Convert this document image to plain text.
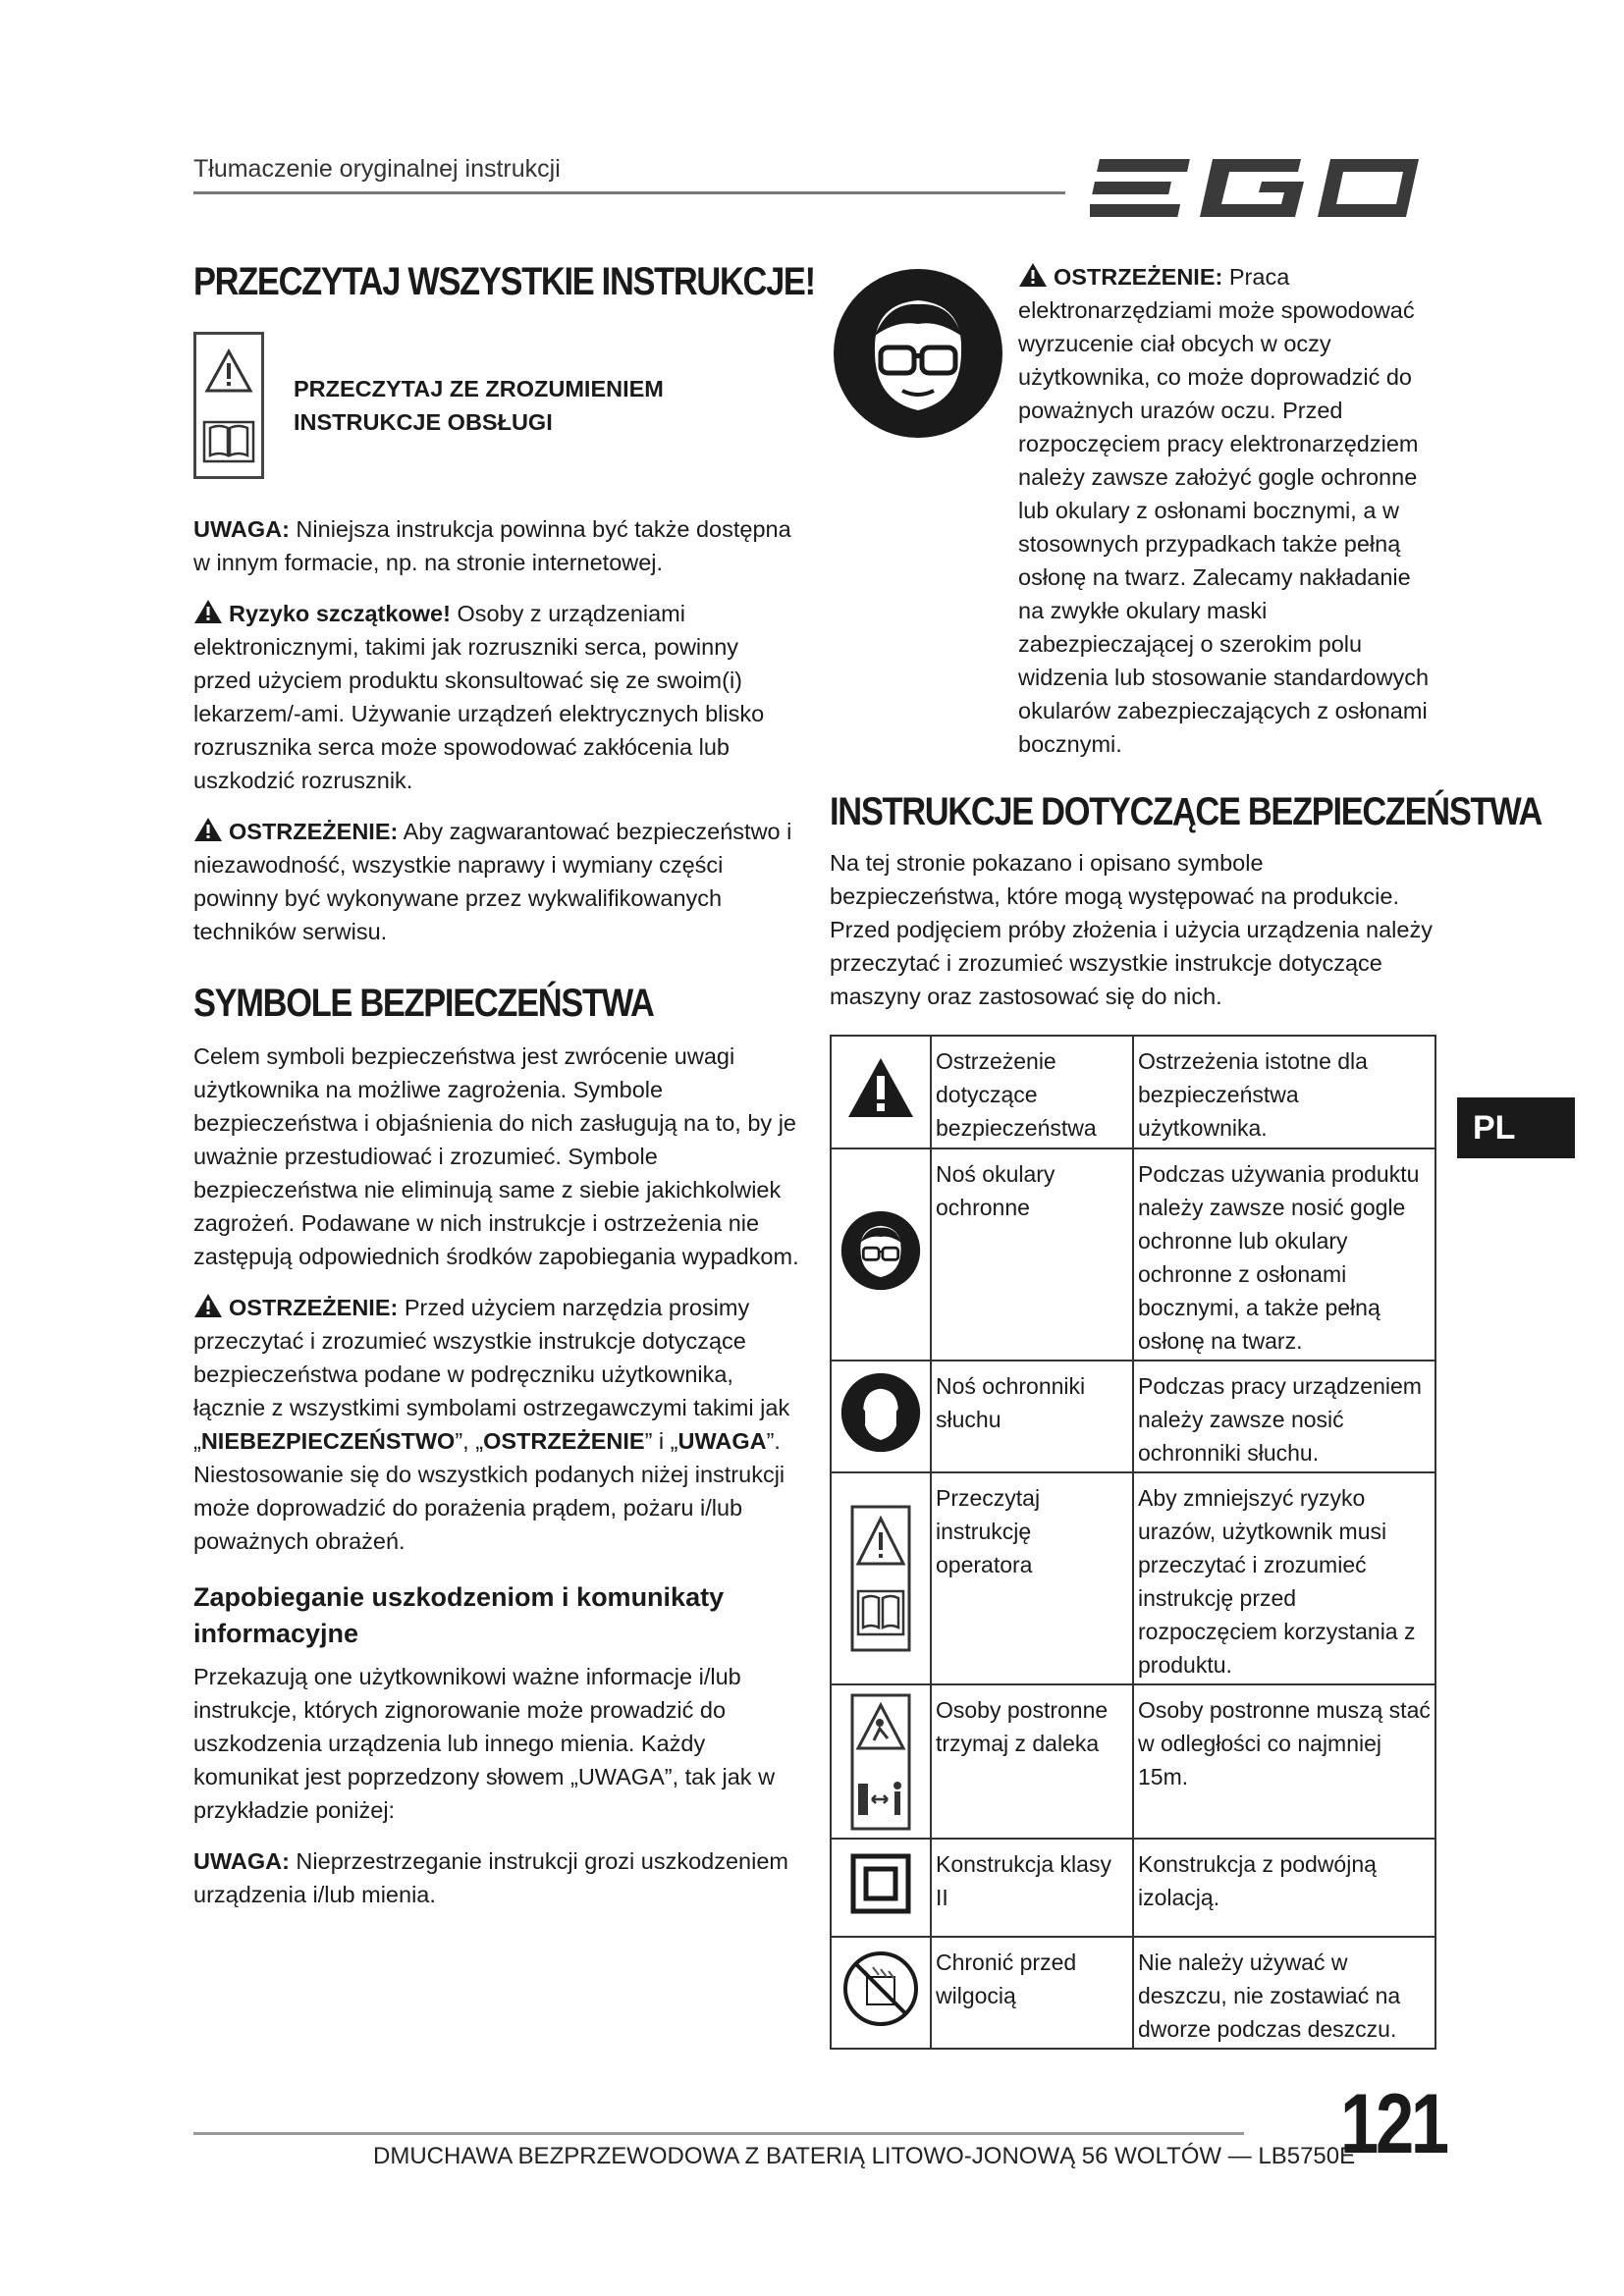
Tłumaczenie oryginalnej instrukcji
PRZECZYTAJ WSZYSTKIE INSTRUKCJE!
PRZECZYTAJ ZE ZROZUMIENIEM
INSTRUKCJE OBSŁUGI

UWAGA: Niniejsza instrukcja powinna być także dostępna w innym formacie, np. na stronie internetowej.

Ryzyko szczątkowe! Osoby z urządzeniami elektronicznymi, takimi jak rozruszniki serca, powinny przed użyciem produktu skonsultować się ze swoim(i) lekarzem/-ami. Używanie urządzeń elektrycznych blisko rozrusznika serca może spowodować zakłócenia lub uszkodzić rozrusznik.

OSTRZEŻENIE: Aby zagwarantować bezpieczeństwo i niezawodność, wszystkie naprawy i wymiany części powinny być wykonywane przez wykwalifikowanych techników serwisu.

SYMBOLE BEZPIECZEŃSTWA

Celem symboli bezpieczeństwa jest zwrócenie uwagi użytkownika na możliwe zagrożenia. Symbole bezpieczeństwa i objaśnienia do nich zasługują na to, by je uważnie przestudiować i zrozumieć. Symbole bezpieczeństwa nie eliminują same z siebie jakichkolwiek zagrożeń. Podawane w nich instrukcje i ostrzeżenia nie zastępują odpowiednich środków zapobiegania wypadkom.

OSTRZEŻENIE: Przed użyciem narzędzia prosimy przeczytać i zrozumieć wszystkie instrukcje dotyczące bezpieczeństwa podane w podręczniku użytkownika, łącznie z wszystkimi symbolami ostrzegawczymi takimi jak „NIEBEZPIECZEŃSTWO”, „OSTRZEŻENIE” i „UWAGA”. Niestosowanie się do wszystkich podanych niżej instrukcji może doprowadzić do porażenia prądem, pożaru i/lub poważnych obrażeń.

Zapobieganie uszkodzeniom i komunikaty informacyjne

Przekazują one użytkownikowi ważne informacje i/lub instrukcje, których zignorowanie może prowadzić do uszkodzenia urządzenia lub innego mienia. Każdy komunikat jest poprzedzony słowem „UWAGA”, tak jak w przykładzie poniżej:

UWAGA: Nieprzestrzeganie instrukcji grozi uszkodzeniem urządzenia i/lub mienia.

OSTRZEŻENIE: Praca elektronarzędziami może spowodować wyrzucenie ciał obcych w oczy użytkownika, co może doprowadzić do poważnych urazów oczu. Przed rozpoczęciem pracy elektronarzędziem należy zawsze założyć gogle ochronne lub okulary z osłonami bocznymi, a w stosownych przypadkach także pełną osłonę na twarz. Zalecamy nakładanie na zwykłe okulary maski zabezpieczającej o szerokim polu widzenia lub stosowanie standardowych okularów zabezpieczających z osłonami bocznymi.

INSTRUKCJE DOTYCZĄCE BEZPIECZEŃSTWA

Na tej stronie pokazano i opisano symbole bezpieczeństwa, które mogą występować na produkcie. Przed podjęciem próby złożenia i użycia urządzenia należy przeczytać i zrozumieć wszystkie instrukcje dotyczące maszyny oraz zastosować się do nich.

	Ostrzeżenie dotyczące bezpieczeństwa	Ostrzeżenia istotne dla bezpieczeństwa użytkownika.
	Noś okulary ochronne	Podczas używania produktu należy zawsze nosić gogle ochronne lub okulary ochronne z osłonami bocznymi, a także pełną osłonę na twarz.
	Noś ochronniki słuchu	Podczas pracy urządzeniem należy zawsze nosić ochronniki słuchu.

	Przeczytaj instrukcję operatora	Aby zmniejszyć ryzyko urazów, użytkownik musi przeczytać i zrozumieć instrukcję przed rozpoczęciem korzystania z produktu.

	Osoby postronne trzymaj z daleka	Osoby postronne muszą stać w odległości co najmniej 15m.
	Konstrukcja klasy II	Konstrukcja z podwójną izolacją.
	Chronić przed wilgocią	Nie należy używać w deszczu, nie zostawiać na dworze podczas deszczu.
PL
DMUCHAWA BEZPRZEWODOWA Z BATERIĄ LITOWO-JONOWĄ 56 WOLTÓW — LB5750E
121
